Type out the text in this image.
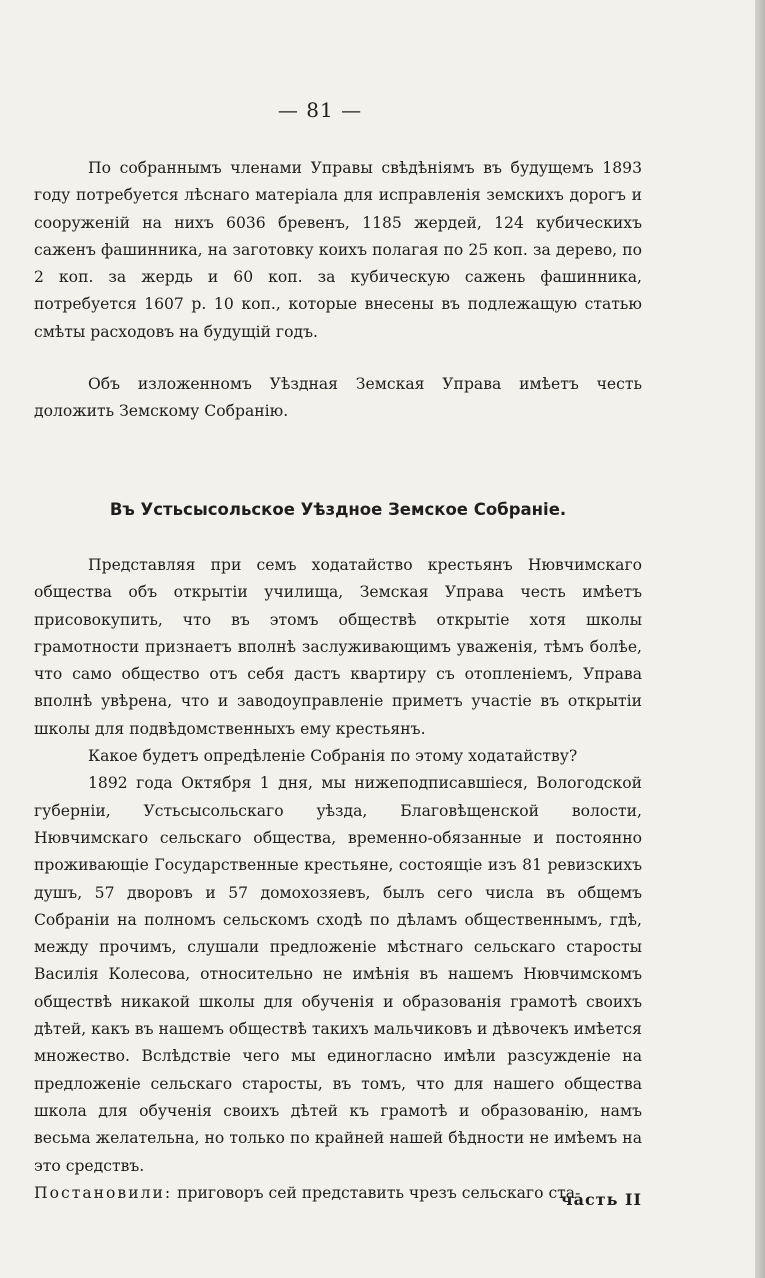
— 81 —

По собраннымъ членами Управы свѣдѣніямъ въ будущемъ 1893 году потребуется лѣснаго матеріала для исправленія земскихъ дорогъ и сооруженій на нихъ 6036 бревенъ, 1185 жердей, 124 кубическихъ саженъ фашинника, на заготовку коихъ полагая по 25 коп. за дерево, по 2 коп. за жердь и 60 коп. за кубическую сажень фашинника, потребуется 1607 р. 10 коп., которые внесены въ подлежащую статью смѣты расходовъ на будущій годъ.

Объ изложенномъ Уѣздная Земская Управа имѣетъ честь доложить Земскому Собранію.

Въ Устьсысольское Уѣздное Земское Собраніе.

Представляя при семъ ходатайство крестьянъ Нювчимскаго общества объ открытіи училища, Земская Управа честь имѣетъ присовокупить, что въ этомъ обществѣ открытіе хотя школы грамотности признаетъ вполнѣ заслуживающимъ уваженія, тѣмъ болѣе, что само общество отъ себя дастъ квартиру съ отопленіемъ, Управа вполнѣ увѣрена, что и заводоуправленіе приметъ участіе въ открытіи школы для подвѣдомственныхъ ему крестьянъ.

Какое будетъ опредѣленіе Собранія по этому ходатайству?

1892 года Октября 1 дня, мы нижеподписавшіеся, Вологодской губерніи, Устьсысольскаго уѣзда, Благовѣщенской волости, Нювчимскаго сельскаго общества, временно-обязанные и постоянно проживающіе Государственные крестьяне, состоящіе изъ 81 ревизскихъ душъ, 57 дворовъ и 57 домохозяевъ, былъ сего числа въ общемъ Собраніи на полномъ сельскомъ сходѣ по дѣламъ общественнымъ, гдѣ, между прочимъ, слушали предложеніе мѣстнаго сельскаго старосты Василія Колесова, относительно не имѣнія въ нашемъ Нювчимскомъ обществѣ никакой школы для обученія и образованія грамотѣ своихъ дѣтей, какъ въ нашемъ обществѣ такихъ мальчиковъ и дѣвочекъ имѣется множество. Вслѣдствіе чего мы единогласно имѣли разсужденіе на предложеніе сельскаго старосты, въ томъ, что для нашего общества школа для обученія своихъ дѣтей къ грамотѣ и образованію, намъ весьма желательна, но только по крайней нашей бѣдности не имѣемъ на это средствъ.

Постановили: приговоръ сей представить чрезъ сельскаго ста-

часть II
